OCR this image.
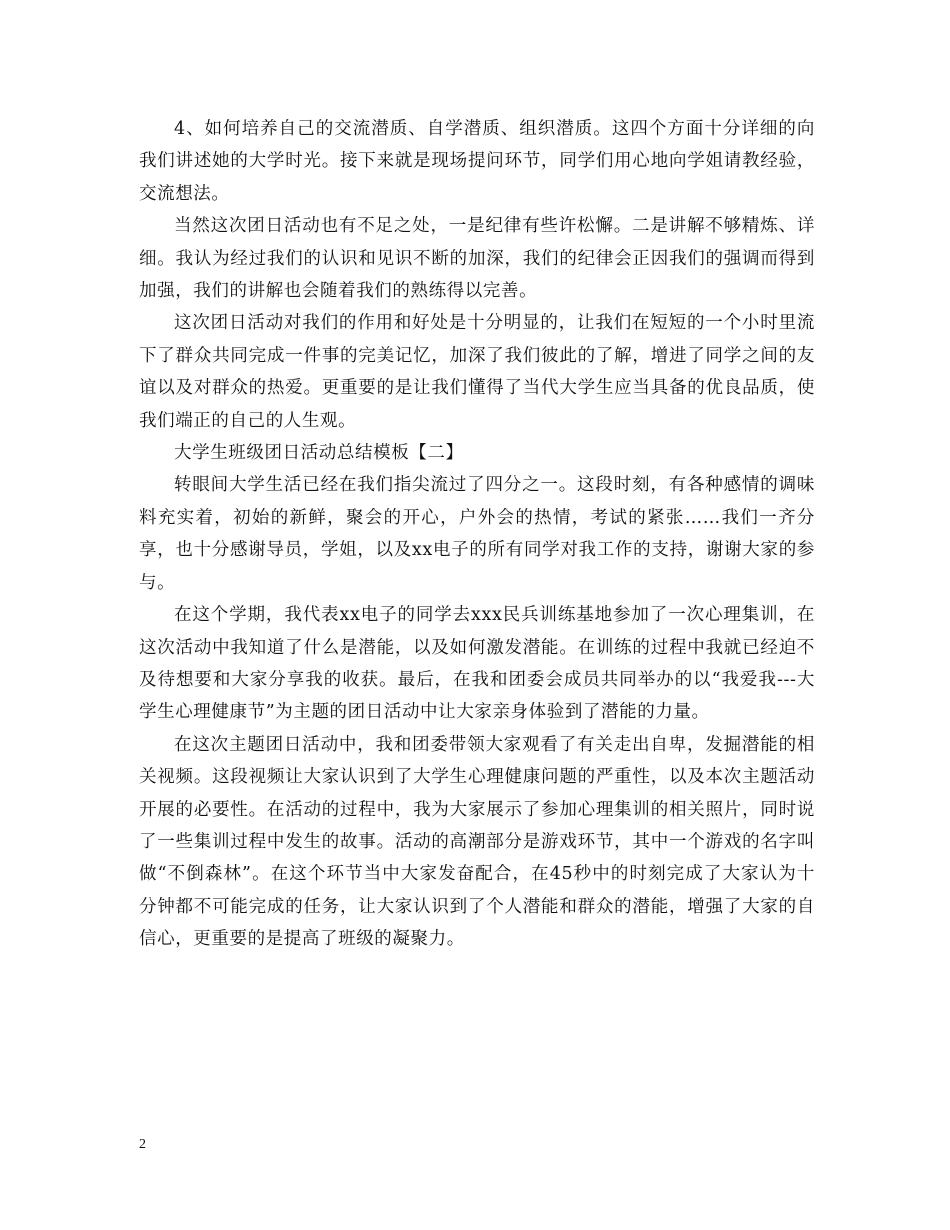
4、如何培养自己的交流潜质、自学潜质、组织潜质。这四个方面十分详细的向我们讲述她的大学时光。接下来就是现场提问环节，同学们用心地向学姐请教经验，交流想法。

当然这次团日活动也有不足之处，一是纪律有些许松懈。二是讲解不够精炼、详细。我认为经过我们的认识和见识不断的加深，我们的纪律会正因我们的强调而得到加强，我们的讲解也会随着我们的熟练得以完善。

这次团日活动对我们的作用和好处是十分明显的，让我们在短短的一个小时里流下了群众共同完成一件事的完美记忆，加深了我们彼此的了解，增进了同学之间的友谊以及对群众的热爱。更重要的是让我们懂得了当代大学生应当具备的优良品质，使我们端正的自己的人生观。

大学生班级团日活动总结模板【二】

转眼间大学生活已经在我们指尖流过了四分之一。这段时刻，有各种感情的调味料充实着，初始的新鲜，聚会的开心，户外会的热情，考试的紧张……我们一齐分享，也十分感谢导员，学姐，以及xx电子的所有同学对我工作的支持，谢谢大家的参与。

在这个学期，我代表xx电子的同学去xxx民兵训练基地参加了一次心理集训，在这次活动中我知道了什么是潜能，以及如何激发潜能。在训练的过程中我就已经迫不及待想要和大家分享我的收获。最后，在我和团委会成员共同举办的以“我爱我---大学生心理健康节”为主题的团日活动中让大家亲身体验到了潜能的力量。

在这次主题团日活动中，我和团委带领大家观看了有关走出自卑，发掘潜能的相关视频。这段视频让大家认识到了大学生心理健康问题的严重性，以及本次主题活动开展的必要性。在活动的过程中，我为大家展示了参加心理集训的相关照片，同时说了一些集训过程中发生的故事。活动的高潮部分是游戏环节，其中一个游戏的名字叫做“不倒森林”。在这个环节当中大家发奋配合，在45秒中的时刻完成了大家认为十分钟都不可能完成的任务，让大家认识到了个人潜能和群众的潜能，增强了大家的自信心，更重要的是提高了班级的凝聚力。

2
